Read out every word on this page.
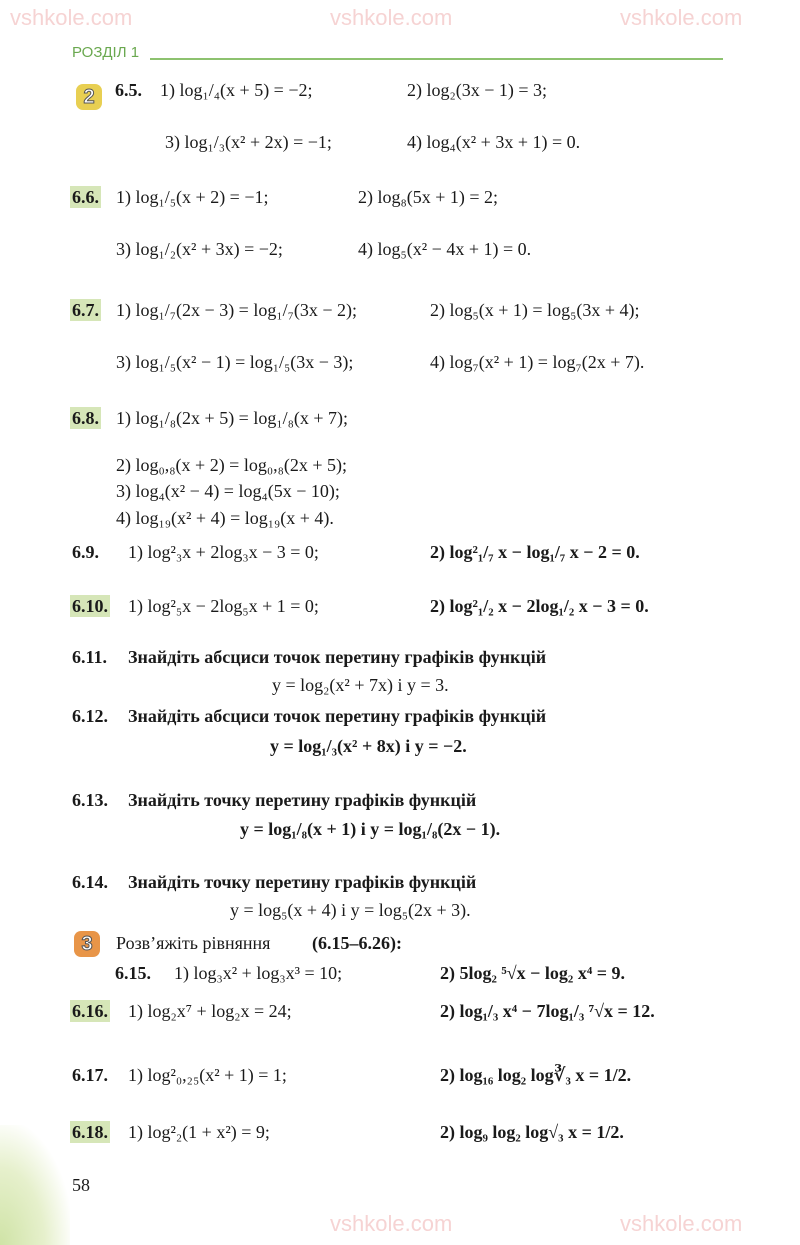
vshkole.com	vshkole.com	vshkole.com
vshkole.com	vshkole.com
РОЗДІЛ 1
2	6.5. 1) log₁/₄(x + 5) = −2;	2) log₂(3x − 1) = 3;
3) log₁/₃(x² + 2x) = −1;	4) log₄(x² + 3x + 1) = 0.
6.6. 1) log₁/₅(x + 2) = −1;	2) log₈(5x + 1) = 2;
3) log₁/₂(x² + 3x) = −2;	4) log₅(x² − 4x + 1) = 0.
6.7. 1) log₁/₇(2x − 3) = log₁/₇(3x − 2);	2) log₅(x + 1) = log₅(3x + 4);
3) log₁/₅(x² − 1) = log₁/₅(3x − 3);	4) log₇(x² + 1) = log₇(2x + 7).
6.8. 1) log₁/₈(2x + 5) = log₁/₈(x + 7);
2) log₀,₈(x + 2) = log₀,₈(2x + 5);
3) log₄(x² − 4) = log₄(5x − 10);
4) log₁₉(x² + 4) = log₁₉(x + 4).
6.9. 1) log²₃x + 2log₃x − 3 = 0;	2) log²₁/₇ x − log₁/₇ x − 2 = 0.
6.10. 1) log²₅x − 2log₅x + 1 = 0;	2) log²₁/₂ x − 2log₁/₂ x − 3 = 0.
6.11. Знайдіть абсциси точок перетину графіків функцій
y = log₂(x² + 7x) і y = 3.
6.12. Знайдіть абсциси точок перетину графіків функцій
y = log₁/₃(x² + 8x) і y = −2.
6.13. Знайдіть точку перетину графіків функцій
y = log₁/₈(x + 1) і y = log₁/₈(2x − 1).
6.14. Знайдіть точку перетину графіків функцій
y = log₅(x + 4) і y = log₅(2x + 3).
3	Розв’яжіть рівняння (6.15–6.26):
6.15. 1) log₃x² + log₃x³ = 10;	2) 5log₂ ⁵√x − log₂ x⁴ = 9.
6.16. 1) log₂x⁷ + log₂x = 24;	2) log₁/₃ x⁴ − 7log₁/₃ ⁷√x = 12.
6.17. 1) log²₀,₂₅(x² + 1) = 1;	2) log₁₆ log₂ log∛₃ x = 1/2.
6.18. 1) log²₂(1 + x²) = 9;	2) log₉ log₂ log√₃ x = 1/2.
58
